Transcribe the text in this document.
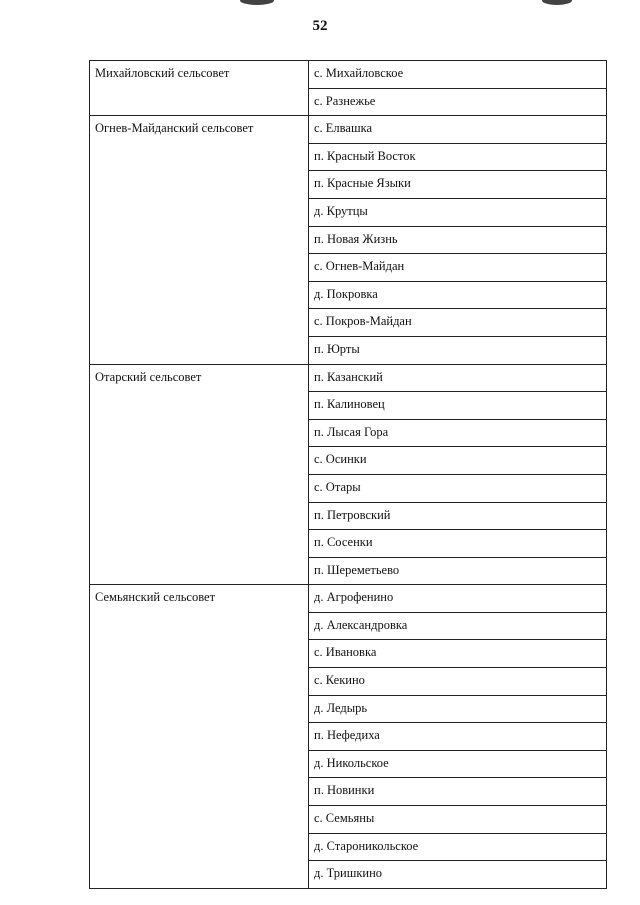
52
Михайловский сельсовет	с. Михайловское
	с. Разнежье
Огнев-Майданский сельсовет	с. Елвашка
	п. Красный Восток
	п. Красные Языки
	д. Крутцы
	п. Новая Жизнь
	с. Огнев-Майдан
	д. Покровка
	с. Покров-Майдан
	п. Юрты
Отарский сельсовет	п. Казанский
	п. Калиновец
	п. Лысая Гора
	с. Осинки
	с. Отары
	п. Петровский
	п. Сосенки
	п. Шереметьево
Семьянский сельсовет	д. Агрофенино
	д. Александровка
	с. Ивановка
	с. Кекино
	д. Ледырь
	п. Нефедиха
	д. Никольское
	п. Новинки
	с. Семьяны
	д. Староникольское
	д. Тришкино
